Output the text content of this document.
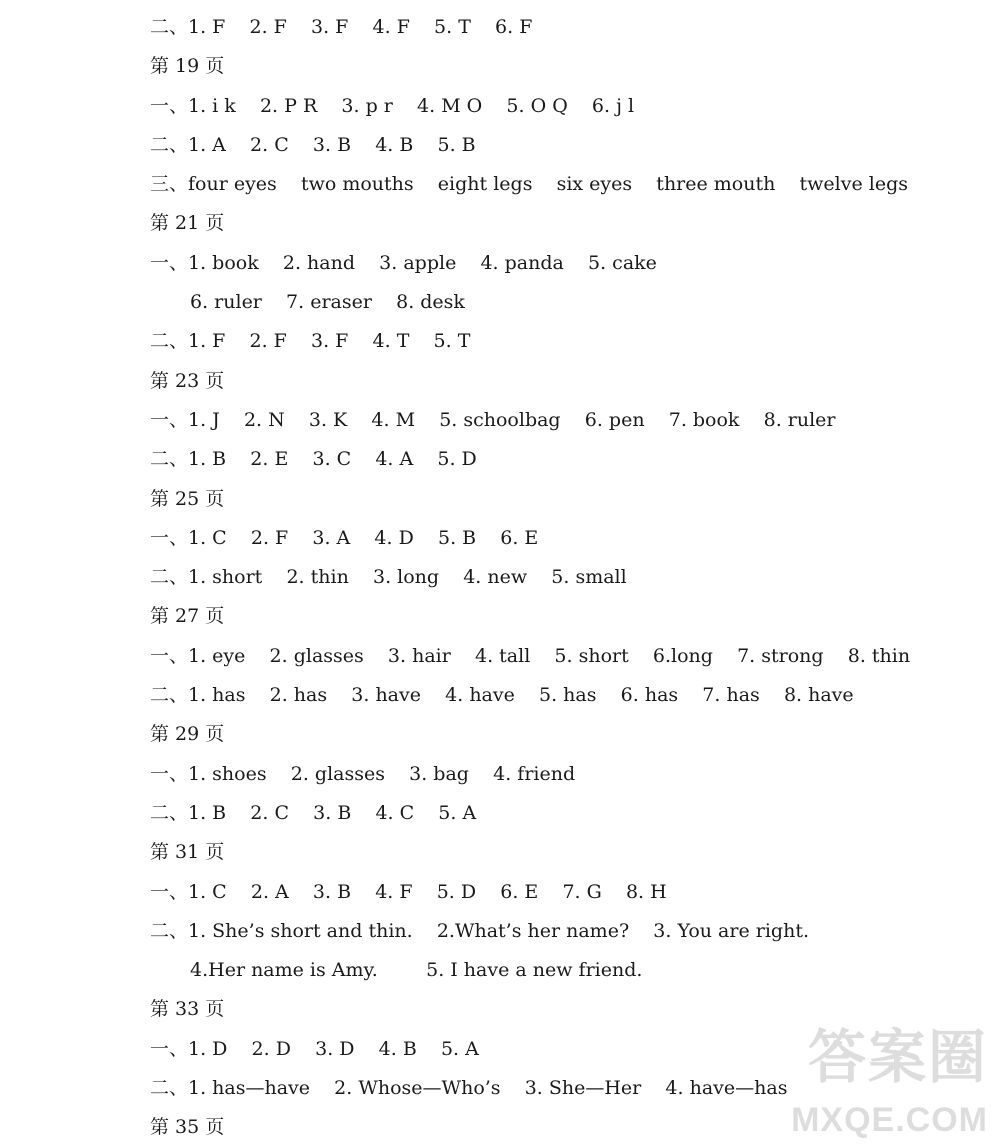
二、1. F    2. F    3. F    4. F    5. T    6. F
第 19 页
一、1. i k    2. P R    3. p r    4. M O    5. O Q    6. j l
二、1. A    2. C    3. B    4. B    5. B
三、four eyes    two mouths    eight legs    six eyes    three mouth    twelve legs
第 21 页
一、1. book    2. hand    3. apple    4. panda    5. cake
6. ruler    7. eraser    8. desk
二、1. F    2. F    3. F    4. T    5. T
第 23 页
一、1. J    2. N    3. K    4. M    5. schoolbag    6. pen    7. book    8. ruler
二、1. B    2. E    3. C    4. A    5. D
第 25 页
一、1. C    2. F    3. A    4. D    5. B    6. E
二、1. short    2. thin    3. long    4. new    5. small
第 27 页
一、1. eye    2. glasses    3. hair    4. tall    5. short    6.long    7. strong    8. thin
二、1. has    2. has    3. have    4. have    5. has    6. has    7. has    8. have
第 29 页
一、1. shoes    2. glasses    3. bag    4. friend
二、1. B    2. C    3. B    4. C    5. A
第 31 页
一、1. C    2. A    3. B    4. F    5. D    6. E    7. G    8. H
二、1. She’s short and thin.    2.What’s her name?    3. You are right.
4.Her name is Amy.        5. I have a new friend.
第 33 页
一、1. D    2. D    3. D    4. B    5. A
二、1. has—have    2. Whose—Who’s    3. She—Her    4. have—has
第 35 页
答案圈
MXQE.COM
